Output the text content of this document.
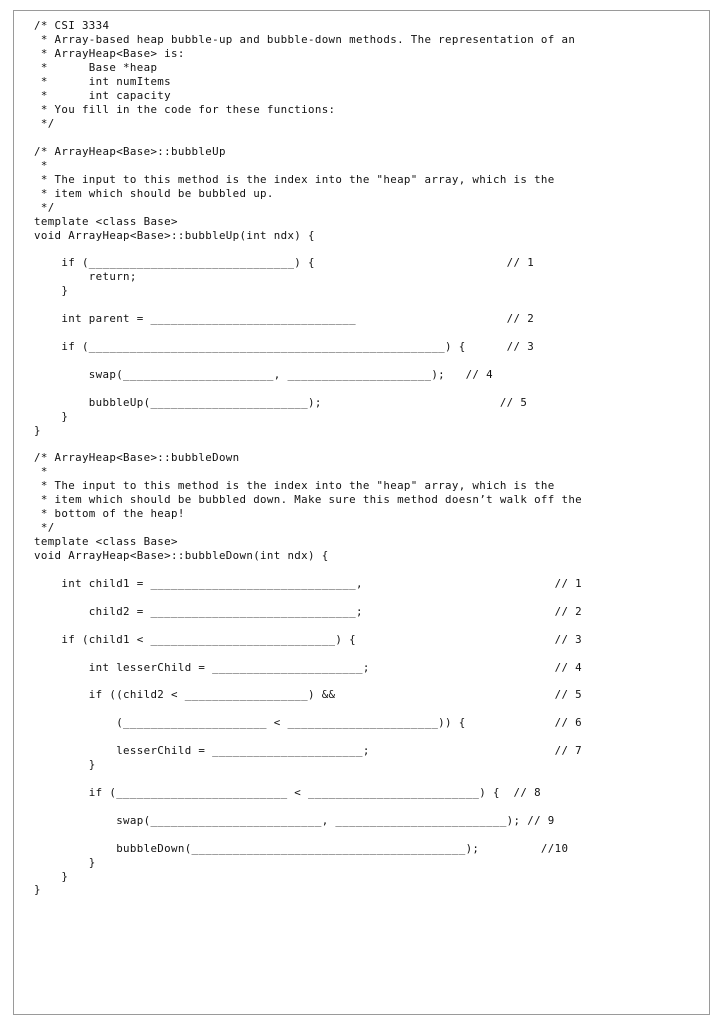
/* CSI 3334
* Array-based heap bubble-up and bubble-down methods. The representation of an
* ArrayHeap<Base> is:
*      Base *heap
*      int numItems
*      int capacity
* You fill in the code for these functions:
*/
/* ArrayHeap<Base>::bubbleUp
*
* The input to this method is the index into the "heap" array, which is the
* item which should be bubbled up.
*/
template <class Base>
void ArrayHeap<Base>::bubbleUp(int ndx) {
if (______________________________) {                            // 1
return;
}
int parent = ______________________________                      // 2
if (____________________________________________________) {      // 3
swap(______________________, _____________________);   // 4
bubbleUp(_______________________);                          // 5
}
}
/* ArrayHeap<Base>::bubbleDown
*
* The input to this method is the index into the "heap" array, which is the
* item which should be bubbled down. Make sure this method doesn’t walk off the
* bottom of the heap!
*/
template <class Base>
void ArrayHeap<Base>::bubbleDown(int ndx) {
int child1 = ______________________________,                            // 1
child2 = ______________________________;                            // 2
if (child1 < ___________________________) {                             // 3
int lesserChild = ______________________;                           // 4
if ((child2 < __________________) &&                                // 5
(_____________________ < ______________________)) {             // 6
lesserChild = ______________________;                           // 7
}
if (_________________________ < _________________________) {  // 8
swap(_________________________, _________________________); // 9
bubbleDown(________________________________________);         //10
}
}
}
